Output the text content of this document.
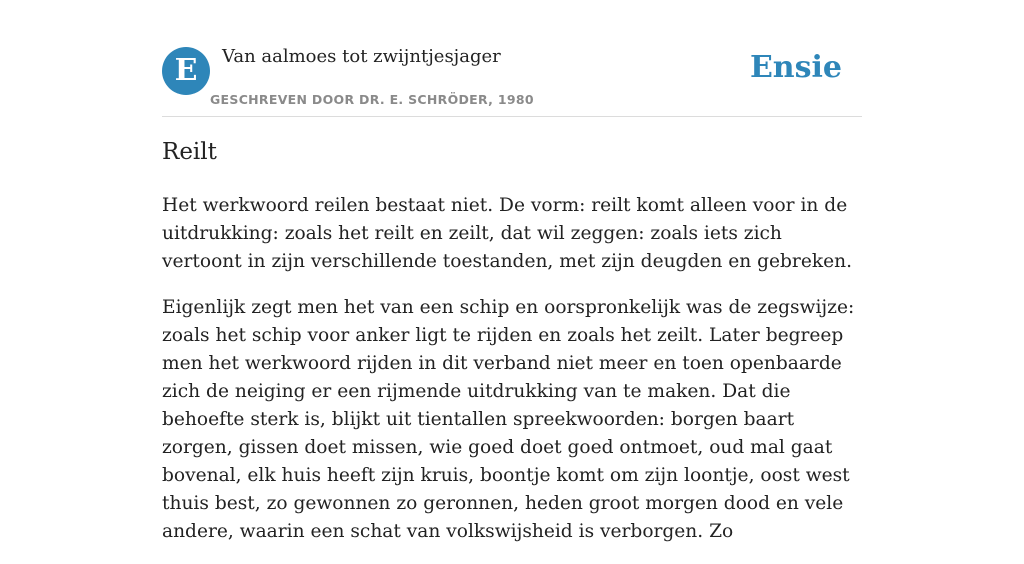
E	Van aalmoes tot zwijntjesjager
GESCHREVEN DOOR DR. E. SCHRÖDER, 1980
Ensie
Reilt

Het werkwoord reilen bestaat niet. De vorm: reilt komt alleen voor in de uitdrukking: zoals het reilt en zeilt, dat wil zeggen: zoals iets zich vertoont in zijn verschillende toestanden, met zijn deugden en gebreken.

Eigenlijk zegt men het van een schip en oorspronkelijk was de zegswijze: zoals het schip voor anker ligt te rijden en zoals het zeilt. Later begreep men het werkwoord rijden in dit verband niet meer en toen openbaarde zich de neiging er een rijmende uitdrukking van te maken. Dat die behoefte sterk is, blijkt uit tientallen spreekwoorden: borgen baart zorgen, gissen doet missen, wie goed doet goed ontmoet, oud mal gaat bovenal, elk huis heeft zijn kruis, boontje komt om zijn loontje, oost west thuis best, zo gewonnen zo geronnen, heden groot morgen dood en vele andere, waarin een schat van volkswijsheid is verborgen. Zo
